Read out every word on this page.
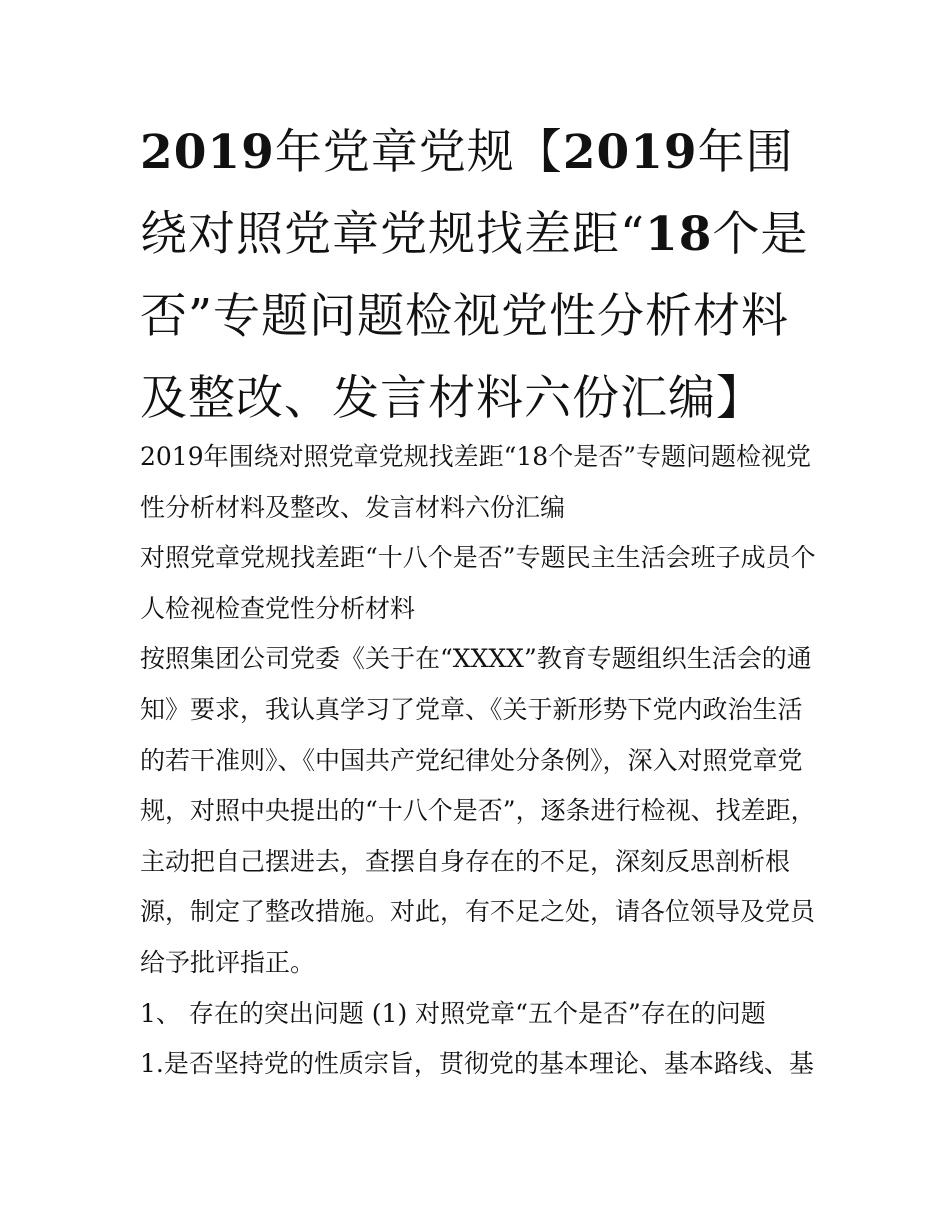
2019年党章党规【2019年围绕对照党章党规找差距“18个是否”专题问题检视党性分析材料及整改、发言材料六份汇编】

2019年围绕对照党章党规找差距“18个是否”专题问题检视党性分析材料及整改、发言材料六份汇编

对照党章党规找差距“十八个是否”专题民主生活会班子成员个人检视检查党性分析材料

按照集团公司党委《关于在“XXXX”教育专题组织生活会的通知》要求，我认真学习了党章、《关于新形势下党内政治生活的若干准则》、《中国共产党纪律处分条例》，深入对照党章党规，对照中央提出的“十八个是否”，逐条进行检视、找差距，主动把自己摆进去，查摆自身存在的不足，深刻反思剖析根源，制定了整改措施。对此，有不足之处，请各位领导及党员给予批评指正。

1、 存在的突出问题 (1) 对照党章“五个是否”存在的问题

1.是否坚持党的性质宗旨，贯彻党的基本理论、基本路线、基
